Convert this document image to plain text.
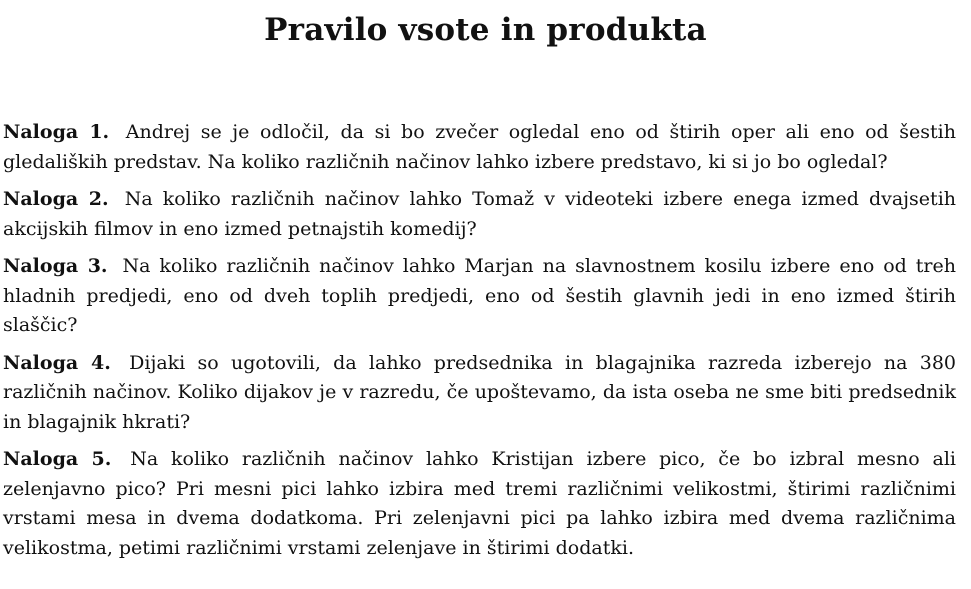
Pravilo vsote in produkta

Naloga 1. Andrej se je odločil, da si bo zvečer ogledal eno od štirih oper ali eno od šestih gledaliških predstav. Na koliko različnih načinov lahko izbere predstavo, ki si jo bo ogledal?

Naloga 2. Na koliko različnih načinov lahko Tomaž v videoteki izbere enega izmed dvajsetih akcijskih filmov in eno izmed petnajstih komedij?

Naloga 3. Na koliko različnih načinov lahko Marjan na slavnostnem kosilu izbere eno od treh hladnih predjedi, eno od dveh toplih predjedi, eno od šestih glavnih jedi in eno izmed štirih slaščic?

Naloga 4. Dijaki so ugotovili, da lahko predsednika in blagajnika razreda izberejo na 380 različnih načinov. Koliko dijakov je v razredu, če upoštevamo, da ista oseba ne sme biti predsednik in blagajnik hkrati?

Naloga 5. Na koliko različnih načinov lahko Kristijan izbere pico, če bo izbral mesno ali zelenjavno pico? Pri mesni pici lahko izbira med tremi različnimi velikostmi, štirimi različnimi vrstami mesa in dvema dodatkoma. Pri zelenjavni pici pa lahko izbira med dvema različnima velikostma, petimi različnimi vrstami zelenjave in štirimi dodatki.
